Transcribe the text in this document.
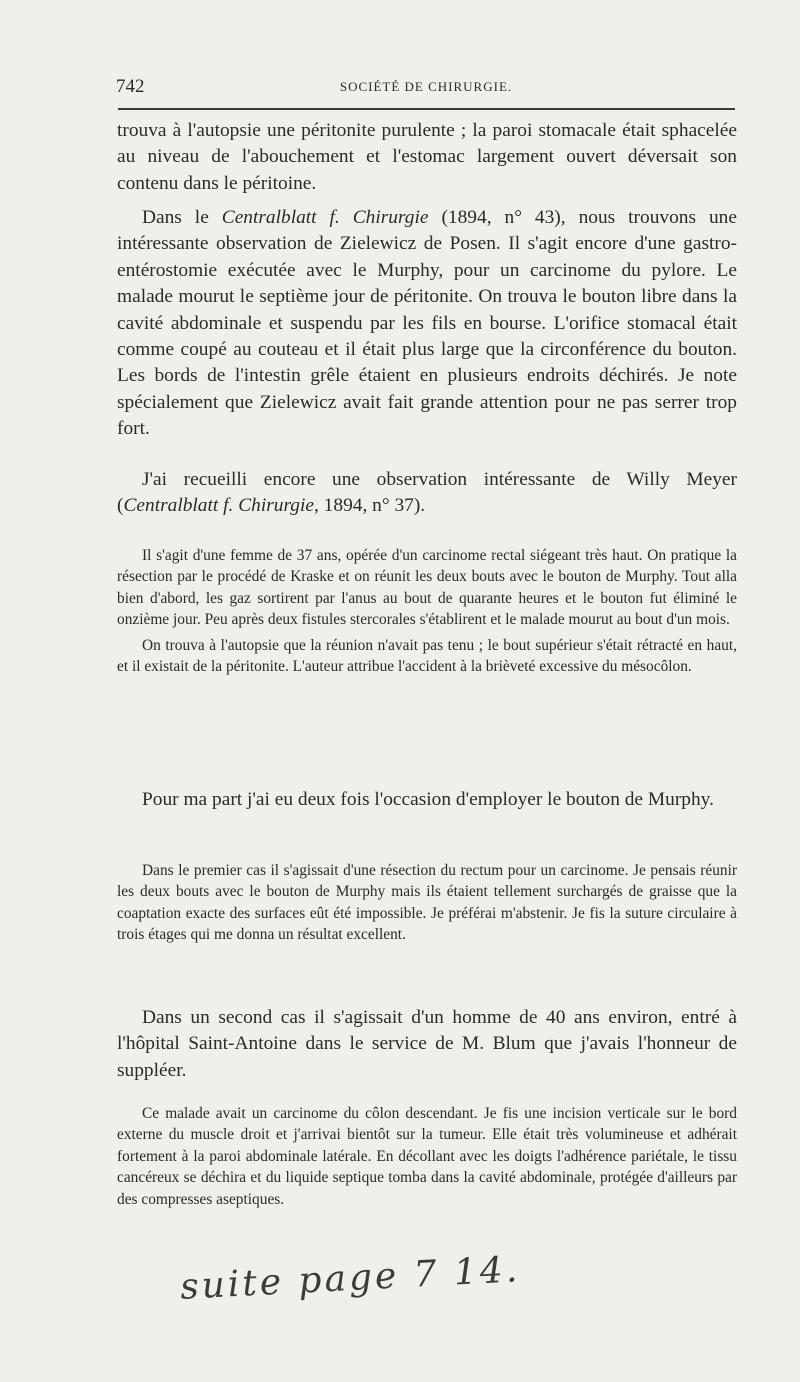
742	SOCIÉTÉ DE CHIRURGIE.

trouva à l'autopsie une péritonite purulente ; la paroi stomacale était sphacelée au niveau de l'abouchement et l'estomac largement ouvert déversait son contenu dans le péritoine.

Dans le Centralblatt f. Chirurgie (1894, n° 43), nous trouvons une intéressante observation de Zielewicz de Posen. Il s'agit encore d'une gastro-entérostomie exécutée avec le Murphy, pour un carcinome du pylore. Le malade mourut le septième jour de péritonite. On trouva le bouton libre dans la cavité abdominale et suspendu par les fils en bourse. L'orifice stomacal était comme coupé au couteau et il était plus large que la circonférence du bouton. Les bords de l'intestin grêle étaient en plusieurs endroits déchirés. Je note spécialement que Zielewicz avait fait grande attention pour ne pas serrer trop fort.

J'ai recueilli encore une observation intéressante de Willy Meyer (Centralblatt f. Chirurgie, 1894, n° 37).

Il s'agit d'une femme de 37 ans, opérée d'un carcinome rectal siégeant très haut. On pratique la résection par le procédé de Kraske et on réunit les deux bouts avec le bouton de Murphy. Tout alla bien d'abord, les gaz sortirent par l'anus au bout de quarante heures et le bouton fut éliminé le onzième jour. Peu après deux fistules stercorales s'établirent et le malade mourut au bout d'un mois.

On trouva à l'autopsie que la réunion n'avait pas tenu ; le bout supérieur s'était rétracté en haut, et il existait de la péritonite. L'auteur attribue l'accident à la brièveté excessive du mésocôlon.

Pour ma part j'ai eu deux fois l'occasion d'employer le bouton de Murphy.

Dans le premier cas il s'agissait d'une résection du rectum pour un carcinome. Je pensais réunir les deux bouts avec le bouton de Murphy mais ils étaient tellement surchargés de graisse que la coaptation exacte des surfaces eût été impossible. Je préférai m'abstenir. Je fis la suture circulaire à trois étages qui me donna un résultat excellent.

Dans un second cas il s'agissait d'un homme de 40 ans environ, entré à l'hôpital Saint-Antoine dans le service de M. Blum que j'avais l'honneur de suppléer.

Ce malade avait un carcinome du côlon descendant. Je fis une incision verticale sur le bord externe du muscle droit et j'arrivai bientôt sur la tumeur. Elle était très volumineuse et adhérait fortement à la paroi abdominale latérale. En décollant avec les doigts l'adhérence pariétale, le tissu cancéreux se déchira et du liquide septique tomba dans la cavité abdominale, protégée d'ailleurs par des compresses aseptiques.

suite page 7 14.
